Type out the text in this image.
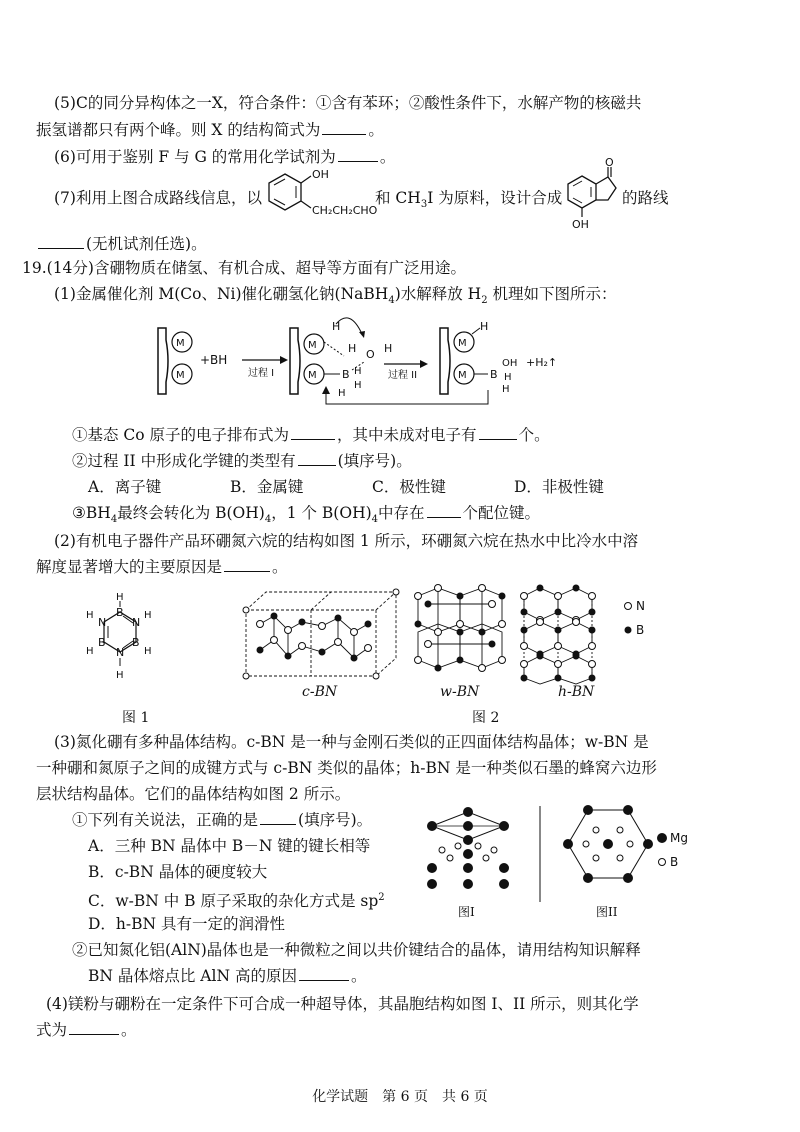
(5)C的同分异构体之一X，符合条件：①含有苯环；②酸性条件下，水解产物的核磁共
振氢谱都只有两个峰。则 X 的结构简式为	。
(6)可用于鉴别 F 与 G 的常用化学试剂为	。
(7)利用上图合成路线信息，以
OH
CH₂CH₂CHO
和 $CH_3I$ 为原料，设计合成
O
OH
的路线
(无机试剂任选)。
19.(14分)含硼物质在储氢、有机合成、超导等方面有广泛用途。
(1)金属催化剂 M(Co、Ni)催化硼氢化钠(NaBH$_4$)水解释放 $H_2$ 机理如下图所示：
M
M
+BH
过程 I
M
M
H
H O H
B H
H
H
过程 II
M
H
M B
OH
H
H
+H₂↑
①基态 Co 原子的电子排布式为	，其中未成对电子有	个。
②过程 II 中形成化学键的类型有	(填序号)。
A．离子键	B．金属键	C．极性键	D．非极性键
$③BH_4$最终会转化为 $B(OH)_4$，1 个 $B(OH)_4$中存在 个配位键。
(2)有机电子器件产品环硼氮六烷的结构如图 1 所示，环硼氮六烷在热水中比冷水中溶
解度显著增大的主要原因是	。
B
N
B
N
B
N
H
H
H
H
H
H
N
B
c-BN	w-BN	h-BN
图 1	图 2
(3)氮化硼有多种晶体结构。c-BN 是一种与金刚石类似的正四面体结构晶体；w-BN 是
一种硼和氮原子之间的成键方式与 c-BN 类似的晶体；h-BN 是一种类似石墨的蜂窝六边形
层状结构晶体。它们的晶体结构如图 2 所示。
①下列有关说法，正确的是	(填序号)。
A．三种 BN 晶体中 B－N 键的键长相等
B．c-BN 晶体的硬度较大
C．w-BN 中 B 原子采取的杂化方式是 $sp^2$
D．h-BN 具有一定的润滑性
Mg
B
图I	图II
②已知氮化铝(AlN)晶体也是一种微粒之间以共价键结合的晶体，请用结构知识解释
BN 晶体熔点比 AlN 高的原因	。
(4)镁粉与硼粉在一定条件下可合成一种超导体，其晶胞结构如图 I、II 所示，则其化学
式为	。
化学试题　第 6 页　共 6 页
